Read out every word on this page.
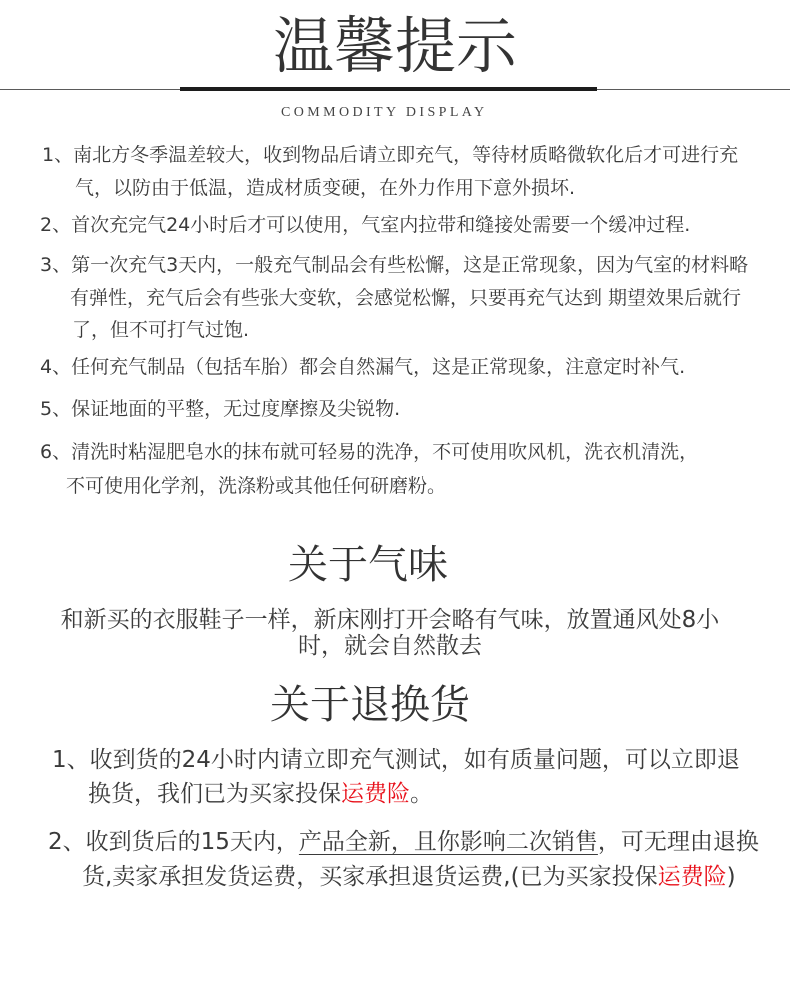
温馨提示
COMMODITY DISPLAY
1、南北方冬季温差较大，收到物品后请立即充气，等待材质略微软化后才可进行充
气，以防由于低温，造成材质变硬，在外力作用下意外损坏.
2、首次充完气24小时后才可以使用，气室内拉带和缝接处需要一个缓冲过程.
3、第一次充气3天内，一般充气制品会有些松懈，这是正常现象，因为气室的材料略
有弹性，充气后会有些张大变软，会感觉松懈，只要再充气达到 期望效果后就行
了，但不可打气过饱.
4、任何充气制品（包括车胎）都会自然漏气，这是正常现象，注意定时补气.
5、保证地面的平整，无过度摩擦及尖锐物.
6、清洗时粘湿肥皂水的抹布就可轻易的洗净，不可使用吹风机，洗衣机清洗，
不可使用化学剂，洗涤粉或其他任何研磨粉。
关于气味
和新买的衣服鞋子一样，新床刚打开会略有气味，放置通风处8小
时，就会自然散去
关于退换货
1、收到货的24小时内请立即充气测试，如有质量问题，可以立即退
换货，我们已为买家投保运费险。
2、收到货后的15天内，产品全新，且你影响二次销售，可无理由退换
货,卖家承担发货运费，买家承担退货运费,(已为买家投保运费险)
